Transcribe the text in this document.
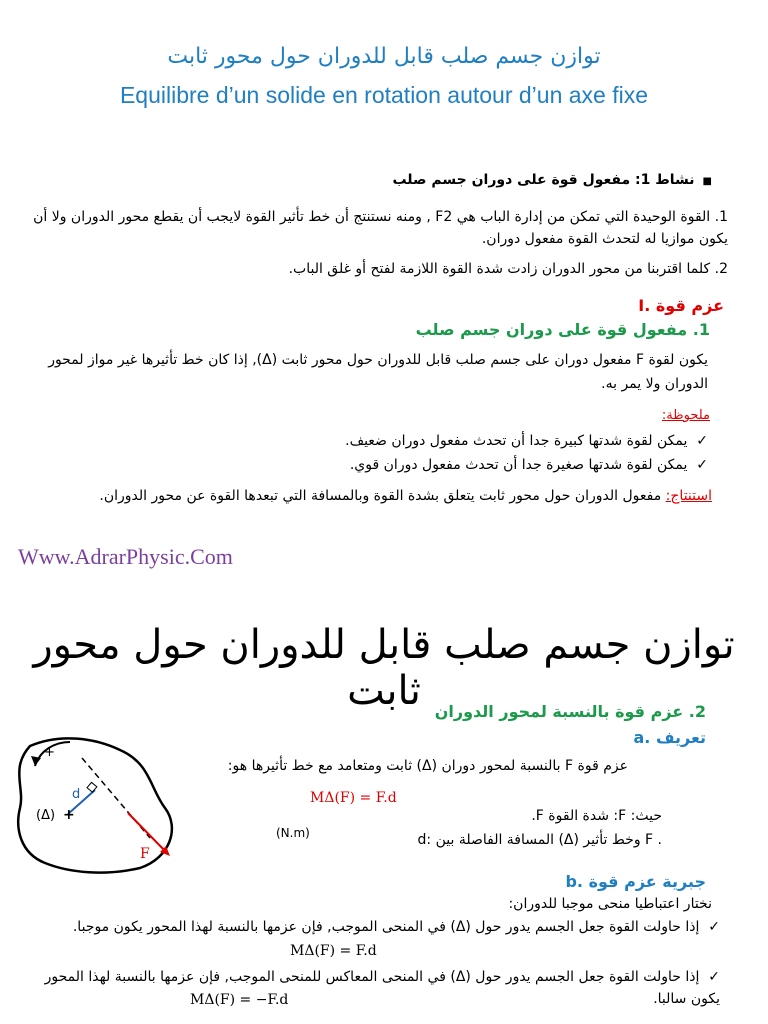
توازن جسم صلب قابل للدوران حول محور ثابت
Equilibre d’un solide en rotation autour d’un axe fixe
■نشاط 1: مفعول قوة على دوران جسم صلب
1. القوة الوحيدة التي تمكن من إدارة الباب هي F2 , ومنه نستنتج أن خط تأثير القوة لايجب أن يقطع محور الدوران ولا أن يكون موازيا له لتحدث القوة مفعول دوران.
2. كلما اقتربنا من محور الدوران زادت شدة القوة اللازمة لفتح أو غلق الباب.
I. عزم قوة
1. مفعول قوة على دوران جسم صلب
يكون لقوة F مفعول دوران على جسم صلب قابل للدوران حول محور ثابت (Δ), إذا كان خط تأثيرها غير مواز لمحور الدوران ولا يمر به.
ملحوظة:
✓  يمكن لقوة شدتها كبيرة جدا أن تحدث مفعول دوران ضعيف.
✓  يمكن لقوة شدتها صغيرة جدا أن تحدث مفعول دوران قوي.
استنتاج: مفعول الدوران حول محور ثابت يتعلق بشدة القوة وبالمسافة التي تبعدها القوة عن محور الدوران.
Www.AdrarPhysic.Com
توازن جسم صلب قابل للدوران حول محور ثابت 2. عزم قوة بالنسبة لمحور الدوران
a. تعريف
عزم قوة F بالنسبة لمحور دوران (Δ) ثابت ومتعامد مع خط تأثيرها هو:
MΔ(F) = F.d
(N.m)
حيث: F: شدة القوة F.
d: المسافة الفاصلة بين (Δ) وخط تأثير F .
+
d
(Δ) +
F
b. جبرية عزم قوة
نختار اعتباطيا منحى موجبا للدوران:
✓  إذا حاولت القوة جعل الجسم يدور حول (Δ) في المنحى الموجب, فإن عزمها بالنسبة لهذا المحور يكون موجبا.
✓  إذا حاولت القوة جعل الجسم يدور حول (Δ) في المنحى المعاكس للمنحى الموجب, فإن عزمها بالنسبة لهذا المحور يكون سالبا.
MΔ(F) = F.d
MΔ(F) = −F.d
